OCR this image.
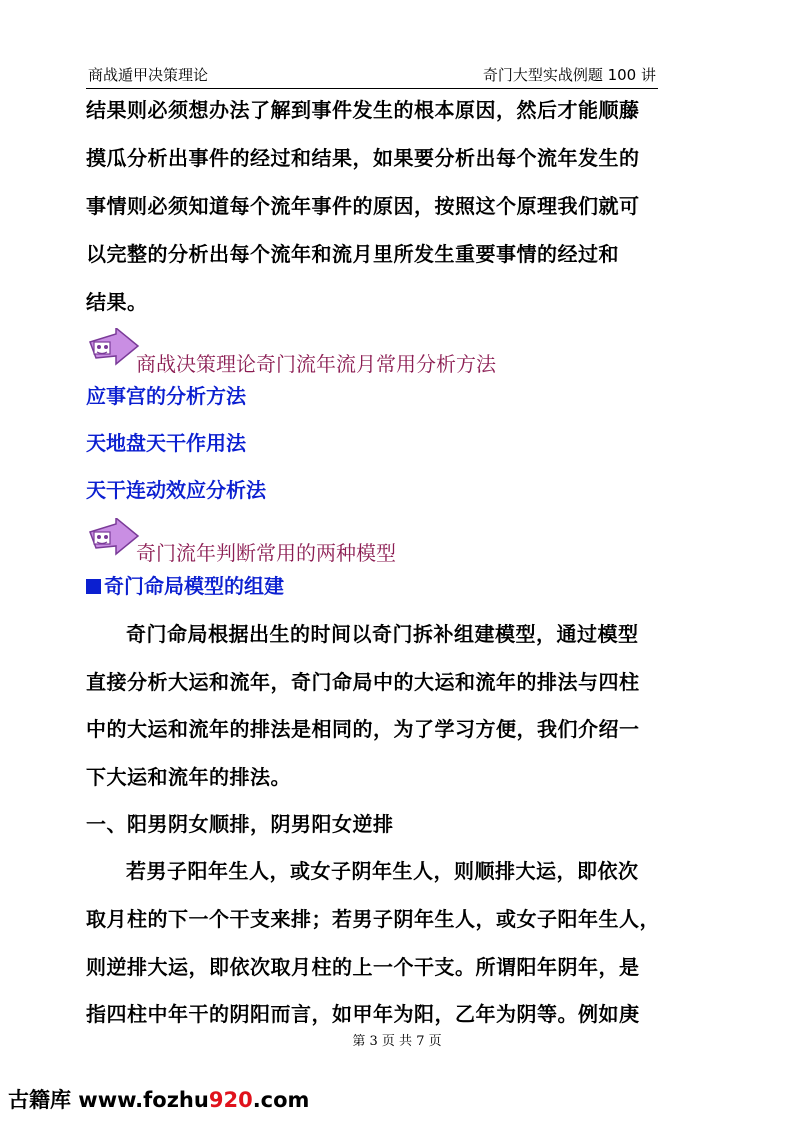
商战遁甲决策理论	奇门大型实战例题 100 讲
结果则必须想办法了解到事件发生的根本原因，然后才能顺藤
摸瓜分析出事件的经过和结果，如果要分析出每个流年发生的
事情则必须知道每个流年事件的原因，按照这个原理我们就可
以完整的分析出每个流年和流月里所发生重要事情的经过和
结果。
商战决策理论奇门流年流月常用分析方法
应事宫的分析方法
天地盘天干作用法
天干连动效应分析法
奇门流年判断常用的两种模型
奇门命局模型的组建
奇门命局根据出生的时间以奇门拆补组建模型，通过模型
直接分析大运和流年，奇门命局中的大运和流年的排法与四柱
中的大运和流年的排法是相同的，为了学习方便，我们介绍一
下大运和流年的排法。
一、阳男阴女顺排，阴男阳女逆排
若男子阳年生人，或女子阴年生人，则顺排大运，即依次
取月柱的下一个干支来排；若男子阴年生人，或女子阳年生人，
则逆排大运，即依次取月柱的上一个干支。所谓阳年阴年，是
指四柱中年干的阴阳而言，如甲年为阳，乙年为阴等。例如庚
第 3 页 共 7 页
古籍库 www.fozhu920.com
